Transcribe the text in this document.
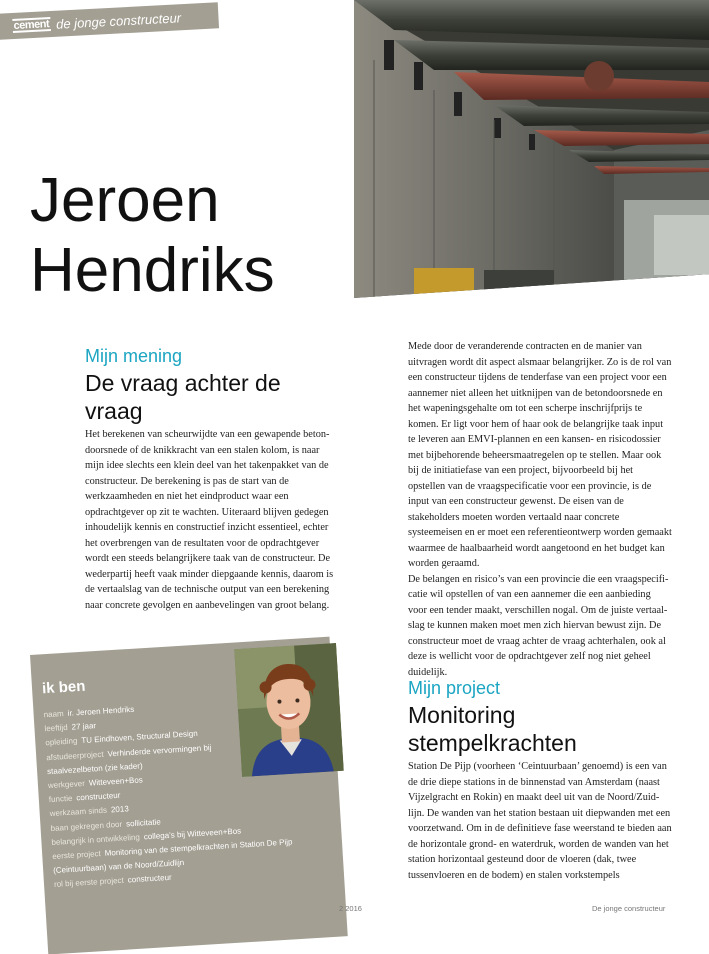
cement de jonge constructeur
Jeroen
Hendriks

Mijn mening

De vraag achter de vraag

Het berekenen van scheurwijdte van een gewapende betondoorsnede of de knikkracht van een stalen kolom, is naar mijn idee slechts een klein deel van het takenpakket van de constructeur. De berekening is pas de start van de werkzaamheden en niet het eindproduct waar een opdrachtgever op zit te wachten. Uiteraard blijven gedegen inhoudelijk kennis en constructief inzicht essentieel, echter het overbrengen van de resultaten voor de opdrachtgever wordt een steeds belangrijkere taak van de constructeur. De wederpartij heeft vaak minder diepgaande kennis, daarom is de vertaalslag van de technische output van een berekening naar concrete gevolgen en aanbevelingen van groot belang.

Mede door de veranderende contracten en de manier van uitvragen wordt dit aspect alsmaar belangrijker. Zo is de rol van een constructeur tijdens de tenderfase van een project voor een aannemer niet alleen het uitknijpen van de betondoorsnede en het wapeningsgehalte om tot een scherpe inschrijfprijs te komen. Er ligt voor hem of haar ook de belangrijke taak input te leveren aan EMVI-plannen en een kansen- en risicodossier met bijbehorende beheersmaatregelen op te stellen. Maar ook bij de initiatiefase van een project, bijvoorbeeld bij het opstellen van de vraagspecificatie voor een provincie, is de input van een constructeur gewenst. De eisen van de stakeholders moeten worden vertaald naar concrete systeemeisen en er moet een referentieontwerp worden gemaakt waarmee de haalbaarheid wordt aangetoond en het budget kan worden geraamd.

De belangen en risico’s van een provincie die een vraagspecificatie wil opstellen of van een aannemer die een aanbieding voor een tender maakt, verschillen nogal. Om de juiste vertaalslag te kunnen maken moet men zich hiervan bewust zijn. De constructeur moet de vraag achter de vraag achterhalen, ook al deze is wellicht voor de opdrachtgever zelf nog niet geheel duidelijk.

Mijn project

Monitoring stempelkrachten

Station De Pijp (voorheen ‘Ceintuurbaan’ genoemd) is een van de drie diepe stations in de binnenstad van Amsterdam (naast Vijzelgracht en Rokin) en maakt deel uit van de Noord/Zuidlijn. De wanden van het station bestaan uit diepwanden met een voorzetwand. Om in de definitieve fase weerstand te bieden aan de horizontale grond- en waterdruk, worden de wanden van het station horizontaal gesteund door de vloeren (dak, twee tussenvloeren en de bodem) en stalen vorkstempels

ik ben
naam ir. Jeroen Hendriks
leeftijd 27 jaar
opleiding TU Eindhoven, Structural Design
afstudeerproject Verhinderde vervormingen bij
staalvezelbeton (zie kader)
werkgever Witteveen+Bos
functie constructeur
werkzaam sinds 2013
baan gekregen door sollicitatie
belangrijk in ontwikkeling collega’s bij Witteveen+Bos
eerste project Monitoring van de stempelkrachten in Station De Pijp
(Ceintuurbaan) van de Noord/Zuidlijn
rol bij eerste project constructeur
2 2016	De jonge constructeur
